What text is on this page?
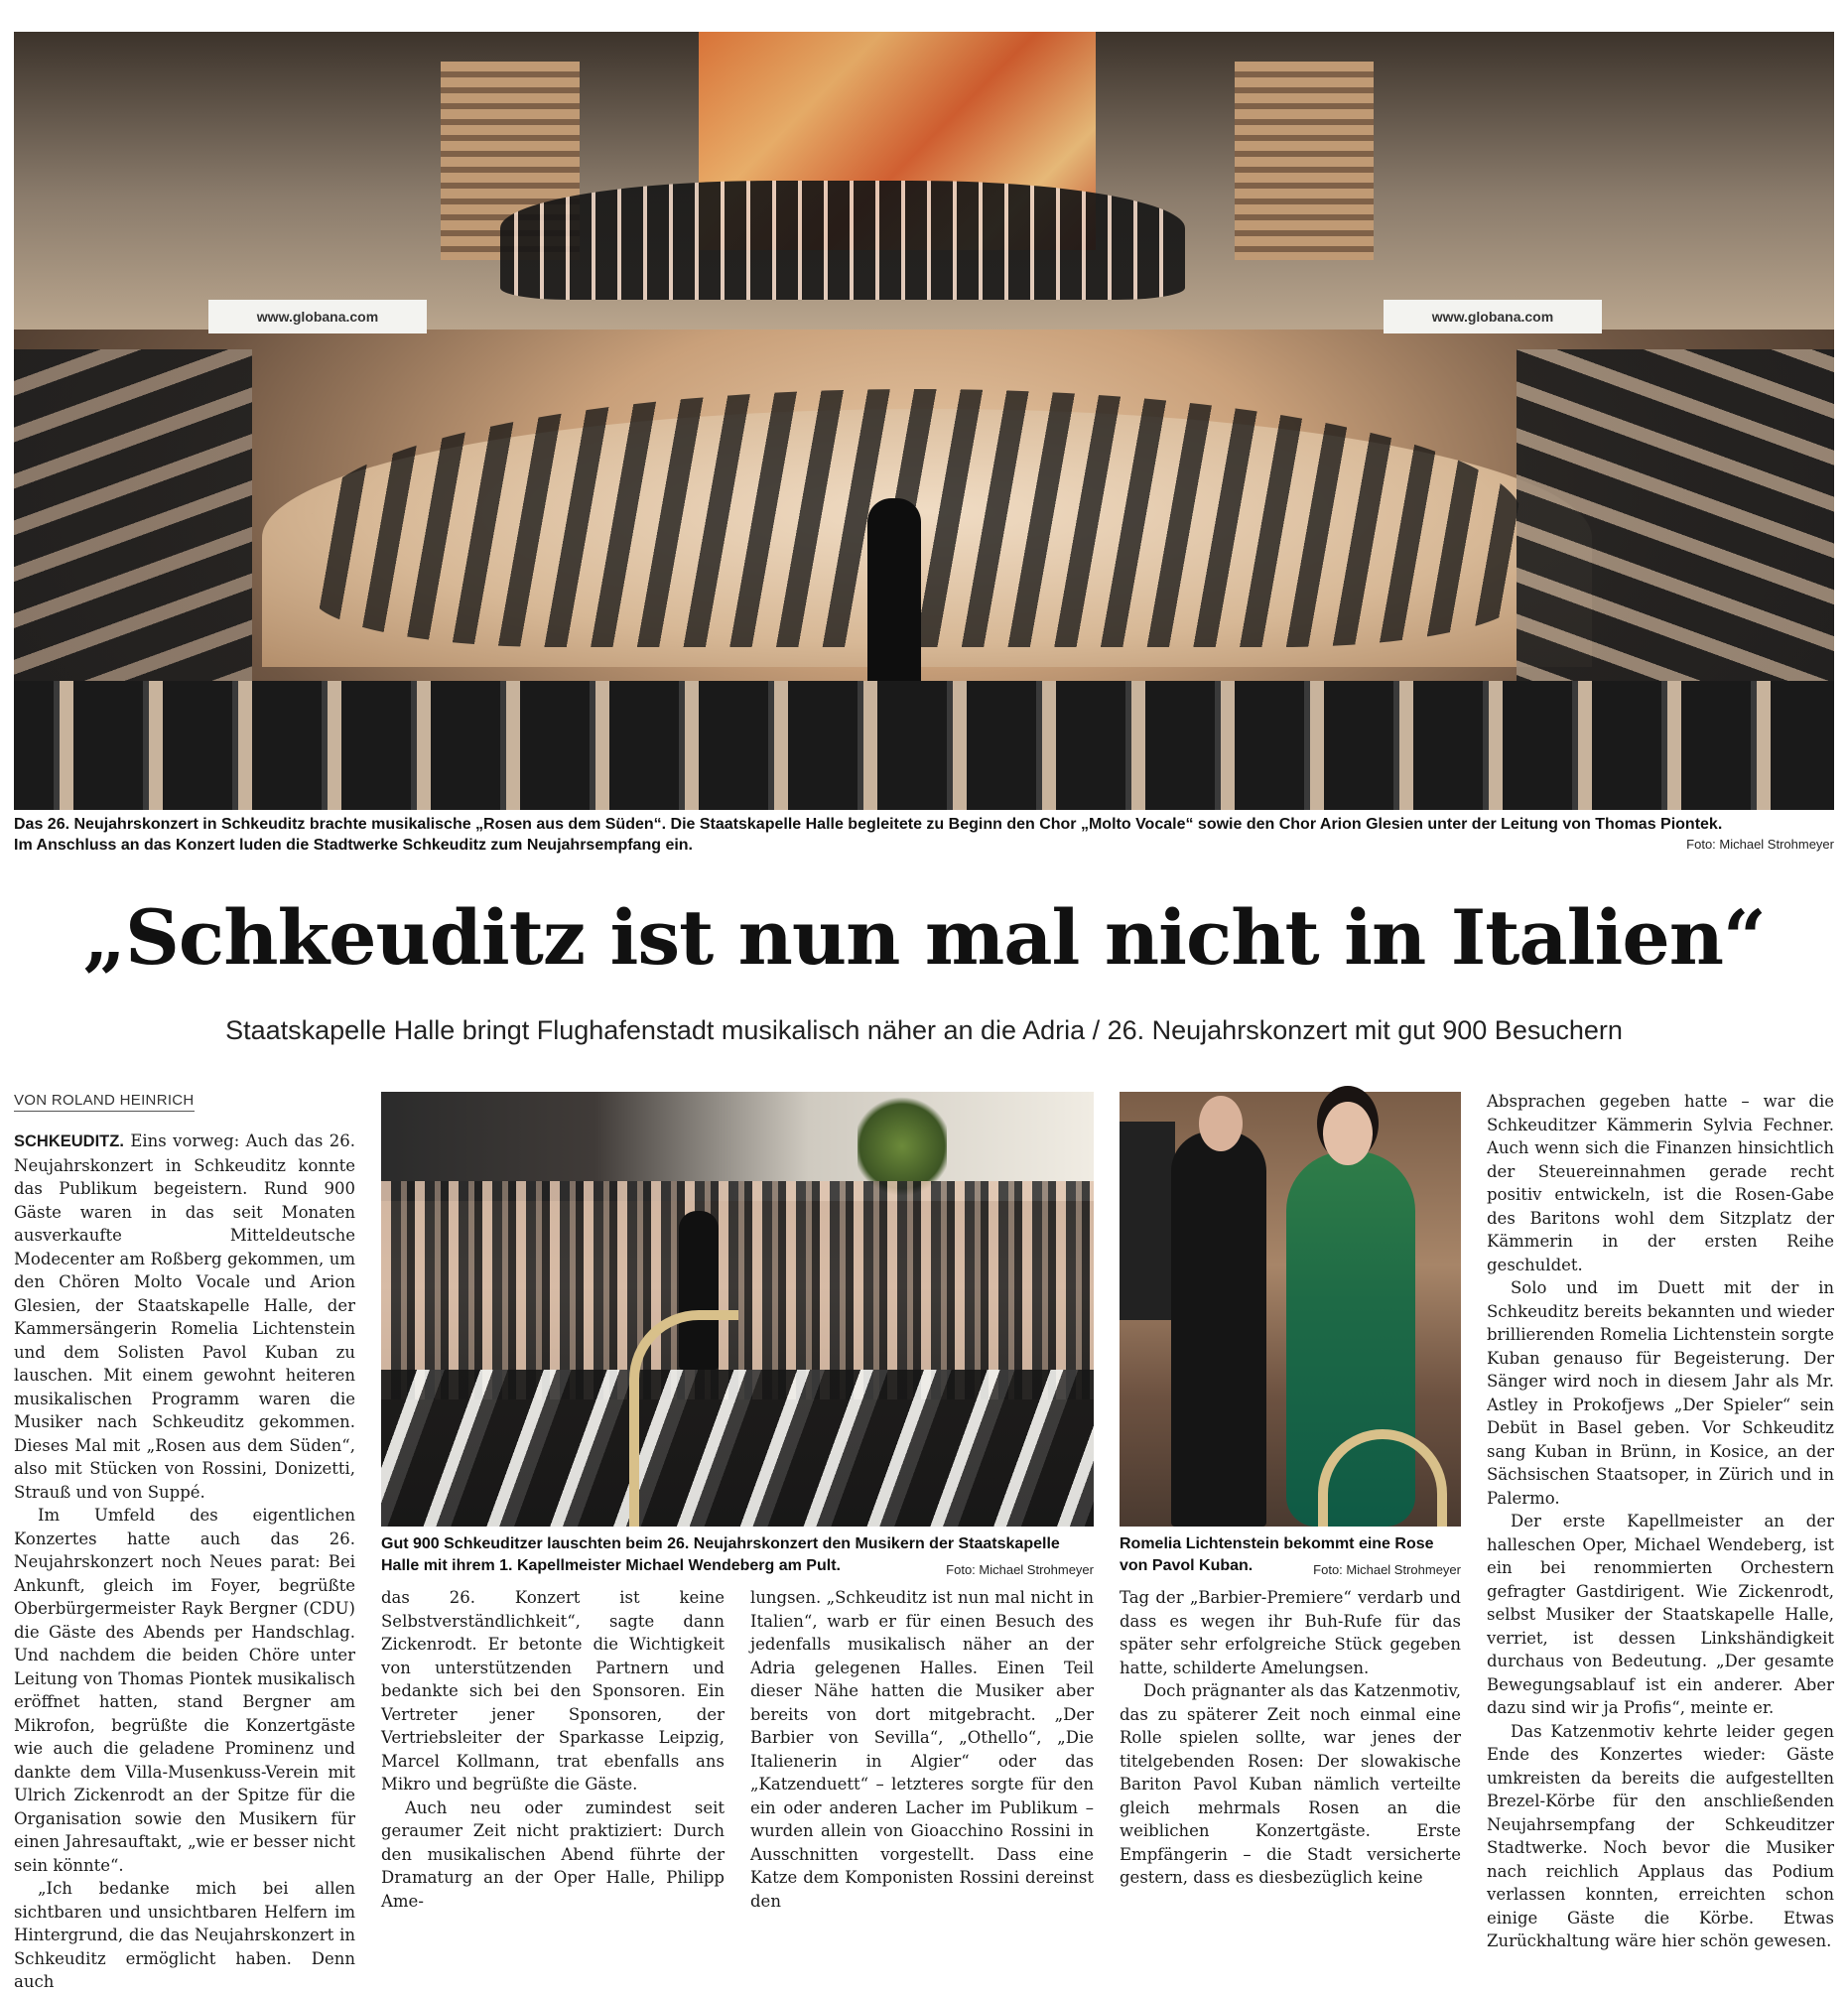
www.globana.com	www.globana.com
Das 26. Neujahrskonzert in Schkeuditz brachte musikalische „Rosen aus dem Süden“. Die Staatskapelle Halle begleitete zu Beginn den Chor „Molto Vocale“ sowie den Chor Arion Glesien unter der Leitung von Thomas Piontek.
Im Anschluss an das Konzert luden die Stadtwerke Schkeuditz zum Neujahrsempfang ein.	Foto: Michael Strohmeyer
„Schkeuditz ist nun mal nicht in Italien“
Staatskapelle Halle bringt Flughafenstadt musikalisch näher an die Adria / 26. Neujahrskonzert mit gut 900 Besuchern
VON ROLAND HEINRICH

SCHKEUDITZ. Eins vorweg: Auch das 26. Neujahrskonzert in Schkeuditz konnte das Publikum begeistern. Rund 900 Gäste waren in das seit Monaten ausverkaufte Mitteldeutsche Modecenter am Roßberg gekommen, um den Chören Molto Vocale und Arion Glesien, der Staatskapelle Halle, der Kammersängerin Romelia Lichtenstein und dem Solisten Pavol Kuban zu lauschen. Mit einem gewohnt heiteren musikalischen Programm waren die Musiker nach Schkeuditz gekommen. Dieses Mal mit „Rosen aus dem Süden“, also mit Stücken von Rossini, Donizetti, Strauß und von Suppé.

Im Umfeld des eigentlichen Konzertes hatte auch das 26. Neujahrskonzert noch Neues parat: Bei Ankunft, gleich im Foyer, begrüßte Oberbürgermeister Rayk Bergner (CDU) die Gäste des Abends per Handschlag. Und nachdem die beiden Chöre unter Leitung von Thomas Piontek musikalisch eröffnet hatten, stand Bergner am Mikrofon, begrüßte die Konzertgäste wie auch die geladene Prominenz und dankte dem Villa-Musenkuss-Verein mit Ulrich Zickenrodt an der Spitze für die Organisation sowie den Musikern für einen Jahresauftakt, „wie er besser nicht sein könnte“.

„Ich bedanke mich bei allen sichtbaren und unsichtbaren Helfern im Hintergrund, die das Neujahrskonzert in Schkeuditz ermöglicht haben. Denn auch

Gut 900 Schkeuditzer lauschten beim 26. Neujahrskonzert den Musikern der Staatskapelle Halle mit ihrem 1. Kapellmeister Michael Wendeberg am Pult.	Foto: Michael Strohmeyer
Romelia Lichtenstein bekommt eine Rose von Pavol Kuban.	Foto: Michael Strohmeyer

das 26. Konzert ist keine Selbstverständlichkeit“, sagte dann Zickenrodt. Er betonte die Wichtigkeit von unterstützenden Partnern und bedankte sich bei den Sponsoren. Ein Vertreter jener Sponsoren, der Vertriebsleiter der Sparkasse Leipzig, Marcel Kollmann, trat ebenfalls ans Mikro und begrüßte die Gäste.

Auch neu oder zumindest seit geraumer Zeit nicht praktiziert: Durch den musikalischen Abend führte der Dramaturg an der Oper Halle, Philipp Ame-

lungsen. „Schkeuditz ist nun mal nicht in Italien“, warb er für einen Besuch des jedenfalls musikalisch näher an der Adria gelegenen Halles. Einen Teil dieser Nähe hatten die Musiker aber bereits von dort mitgebracht. „Der Barbier von Sevilla“, „Othello“, „Die Italienerin in Algier“ oder das „Katzenduett“ – letzteres sorgte für den ein oder anderen Lacher im Publikum – wurden allein von Gioacchino Rossini in Ausschnitten vorgestellt. Dass eine Katze dem Komponisten Rossini dereinst den

Tag der „Barbier-Premiere“ verdarb und dass es wegen ihr Buh-Rufe für das später sehr erfolgreiche Stück gegeben hatte, schilderte Amelungsen.

Doch prägnanter als das Katzenmotiv, das zu späterer Zeit noch einmal eine Rolle spielen sollte, war jenes der titelgebenden Rosen: Der slowakische Bariton Pavol Kuban nämlich verteilte gleich mehrmals Rosen an die weiblichen Konzertgäste. Erste Empfängerin – die Stadt versicherte gestern, dass es diesbezüglich keine

Absprachen gegeben hatte – war die Schkeuditzer Kämmerin Sylvia Fechner. Auch wenn sich die Finanzen hinsichtlich der Steuereinnahmen gerade recht positiv entwickeln, ist die Rosen-Gabe des Baritons wohl dem Sitzplatz der Kämmerin in der ersten Reihe geschuldet.

Solo und im Duett mit der in Schkeuditz bereits bekannten und wieder brillierenden Romelia Lichtenstein sorgte Kuban genauso für Begeisterung. Der Sänger wird noch in diesem Jahr als Mr. Astley in Prokofjews „Der Spieler“ sein Debüt in Basel geben. Vor Schkeuditz sang Kuban in Brünn, in Kosice, an der Sächsischen Staatsoper, in Zürich und in Palermo.

Der erste Kapellmeister an der halleschen Oper, Michael Wendeberg, ist ein bei renommierten Orchestern gefragter Gastdirigent. Wie Zickenrodt, selbst Musiker der Staatskapelle Halle, verriet, ist dessen Linkshändigkeit durchaus von Bedeutung. „Der gesamte Bewegungsablauf ist ein anderer. Aber dazu sind wir ja Profis“, meinte er.

Das Katzenmotiv kehrte leider gegen Ende des Konzertes wieder: Gäste umkreisten da bereits die aufgestellten Brezel-Körbe für den anschließenden Neujahrsempfang der Schkeuditzer Stadtwerke. Noch bevor die Musiker nach reichlich Applaus das Podium verlassen konnten, erreichten schon einige Gäste die Körbe. Etwas Zurückhaltung wäre hier schön gewesen.
